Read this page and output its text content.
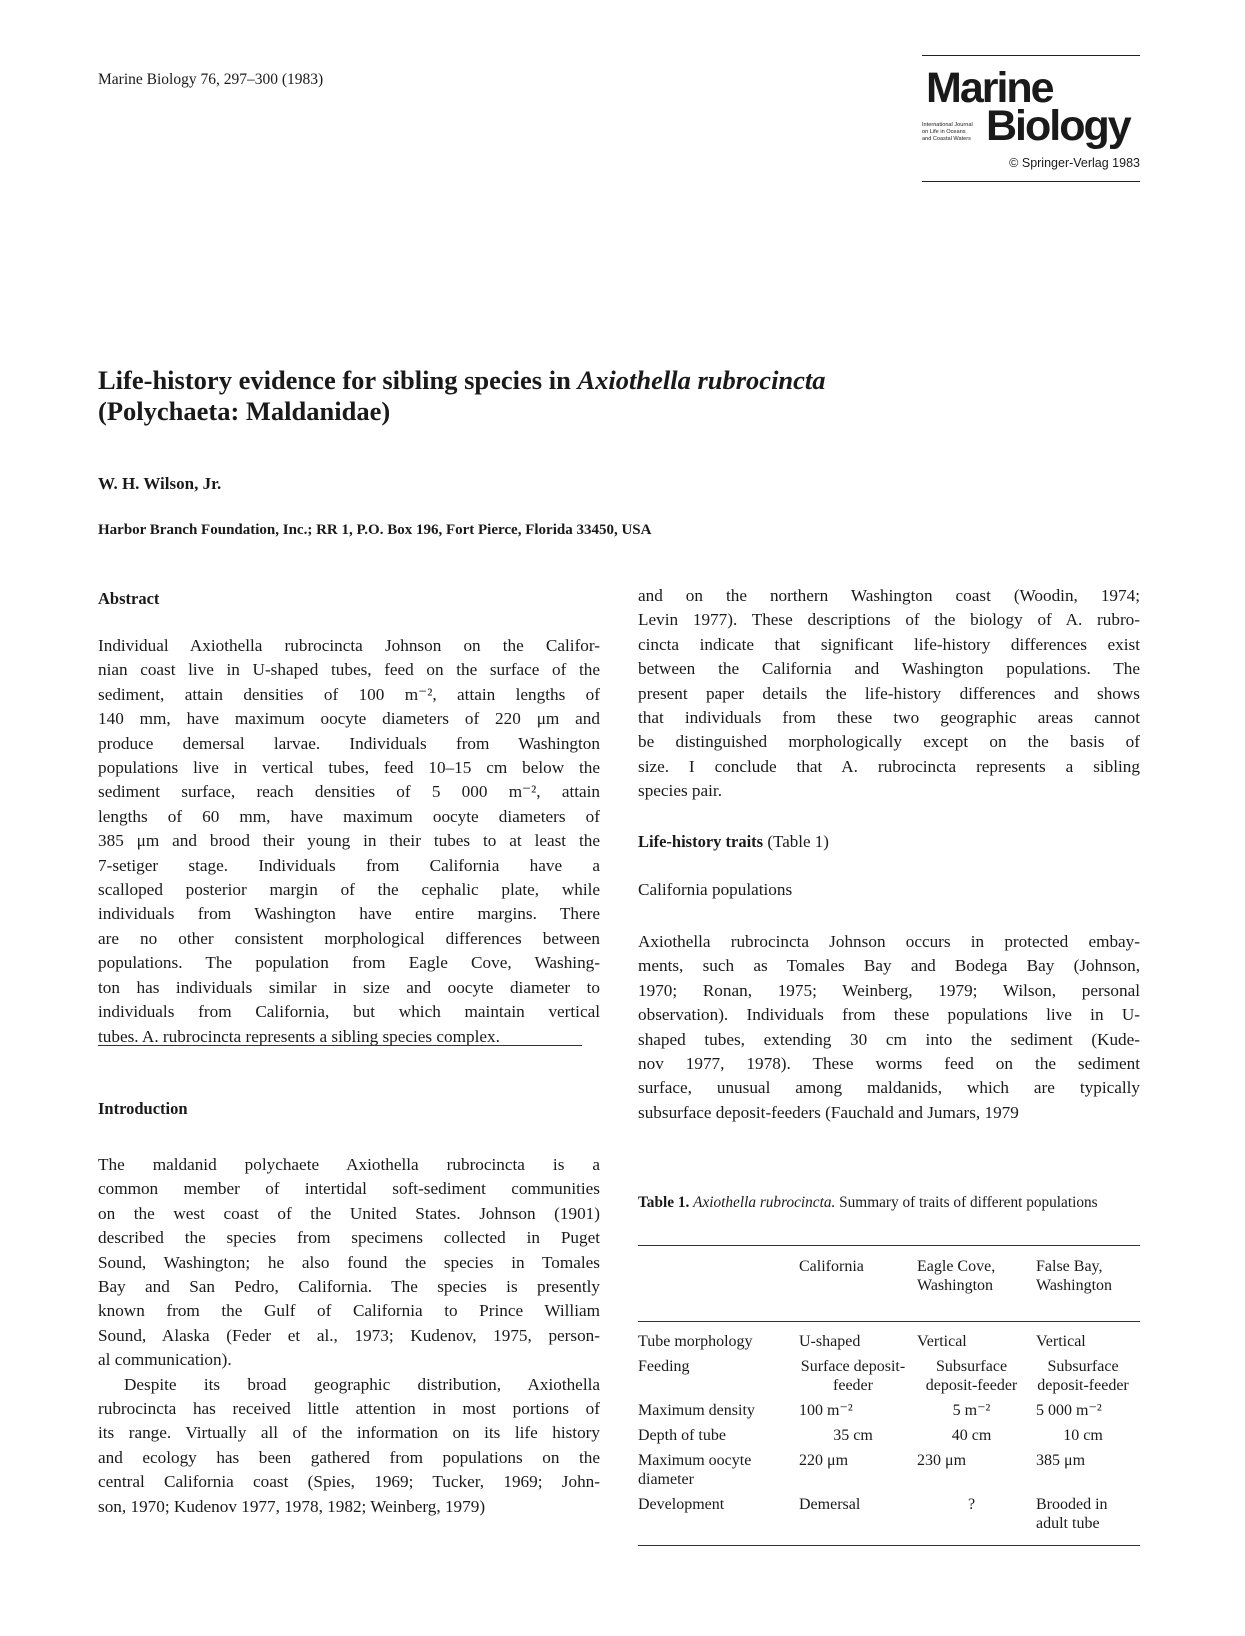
Marine Biology 76, 297–300 (1983)	Marine
International Journal
on Life in Oceans
and Coastal Waters Biology
© Springer-Verlag 1983
Life-history evidence for sibling species in Axiothella rubrocincta
(Polychaeta: Maldanidae)
W. H. Wilson, Jr.
Harbor Branch Foundation, Inc.; RR 1, P.O. Box 196, Fort Pierce, Florida 33450, USA
Abstract
Individual Axiothella rubrocincta Johnson on the Califor-
nian coast live in U-shaped tubes, feed on the surface of the
sediment, attain densities of 100 m⁻², attain lengths of
140 mm, have maximum oocyte diameters of 220 μm and
produce demersal larvae. Individuals from Washington
populations live in vertical tubes, feed 10–15 cm below the
sediment surface, reach densities of 5 000 m⁻², attain
lengths of 60 mm, have maximum oocyte diameters of
385 μm and brood their young in their tubes to at least the
7-setiger stage. Individuals from California have a
scalloped posterior margin of the cephalic plate, while
individuals from Washington have entire margins. There
are no other consistent morphological differences between
populations. The population from Eagle Cove, Washing-
ton has individuals similar in size and oocyte diameter to
individuals from California, but which maintain vertical
tubes. A. rubrocincta represents a sibling species complex.
Introduction
The maldanid polychaete Axiothella rubrocincta is a
common member of intertidal soft-sediment communities
on the west coast of the United States. Johnson (1901)
described the species from specimens collected in Puget
Sound, Washington; he also found the species in Tomales
Bay and San Pedro, California. The species is presently
known from the Gulf of California to Prince William
Sound, Alaska (Feder et al., 1973; Kudenov, 1975, person-
al communication).
Despite its broad geographic distribution, Axiothella
rubrocincta has received little attention in most portions of
its range. Virtually all of the information on its life history
and ecology has been gathered from populations on the
central California coast (Spies, 1969; Tucker, 1969; John-
son, 1970; Kudenov 1977, 1978, 1982; Weinberg, 1979)
and on the northern Washington coast (Woodin, 1974;
Levin 1977). These descriptions of the biology of A. rubro-
cincta indicate that significant life-history differences exist
between the California and Washington populations. The
present paper details the life-history differences and shows
that individuals from these two geographic areas cannot
be distinguished morphologically except on the basis of
size. I conclude that A. rubrocincta represents a sibling
species pair.
Life-history traits (Table 1)
California populations
Axiothella rubrocincta Johnson occurs in protected embay-
ments, such as Tomales Bay and Bodega Bay (Johnson,
1970; Ronan, 1975; Weinberg, 1979; Wilson, personal
observation). Individuals from these populations live in U-
shaped tubes, extending 30 cm into the sediment (Kude-
nov 1977, 1978). These worms feed on the sediment
surface, unusual among maldanids, which are typically
subsurface deposit-feeders (Fauchald and Jumars, 1979
Table 1. Axiothella rubrocincta. Summary of traits of different populations
	California	Eagle Cove, Washington	False Bay, Washington
Tube morphology	U-shaped	Vertical	Vertical
Feeding	Surface deposit-feeder	Subsurface deposit-feeder	Subsurface deposit-feeder
Maximum density	100 m⁻²	5 m⁻²	5 000 m⁻²
Depth of tube	35 cm	40 cm	10 cm
Maximum oocyte diameter	220 μm	230 μm	385 μm
Development	Demersal	?	Brooded in adult tube
